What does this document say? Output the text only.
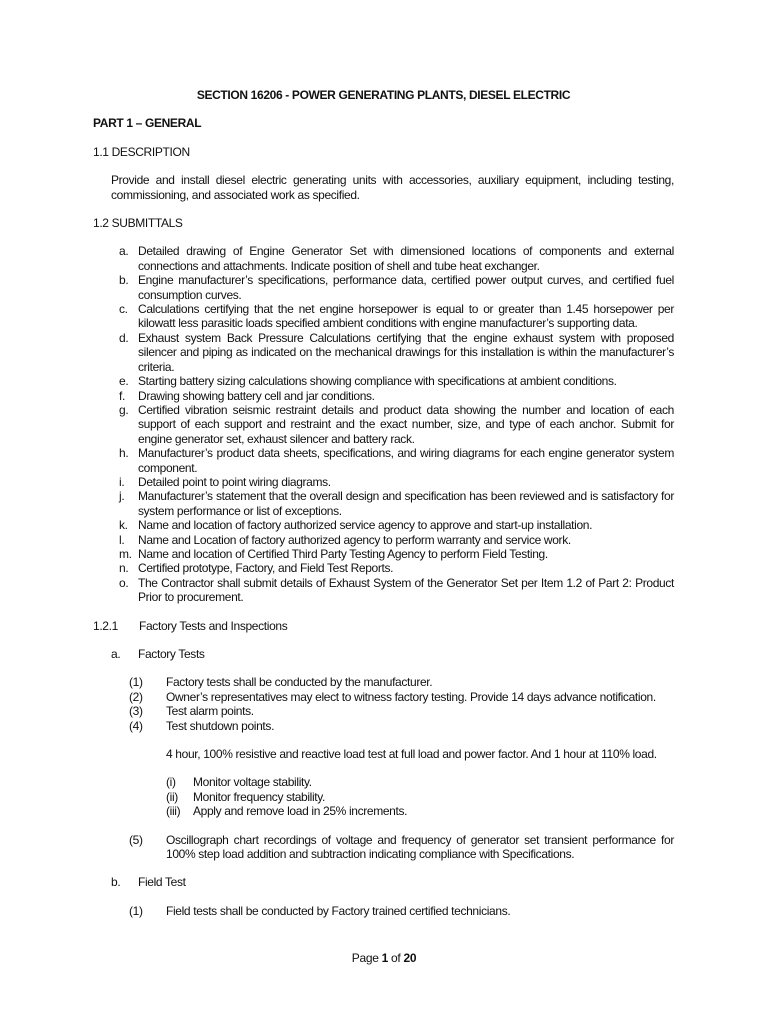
SECTION 16206 - POWER GENERATING PLANTS, DIESEL ELECTRIC
PART 1 – GENERAL
1.1 DESCRIPTION
Provide and install diesel electric generating units with accessories, auxiliary equipment, including testing, commissioning, and associated work as specified.
1.2 SUBMITTALS
a. Detailed drawing of Engine Generator Set with dimensioned locations of components and external connections and attachments. Indicate position of shell and tube heat exchanger.
b. Engine manufacturer’s specifications, performance data, certified power output curves, and certified fuel consumption curves.
c. Calculations certifying that the net engine horsepower is equal to or greater than 1.45 horsepower per kilowatt less parasitic loads specified ambient conditions with engine manufacturer’s supporting data.
d. Exhaust system Back Pressure Calculations certifying that the engine exhaust system with proposed silencer and piping as indicated on the mechanical drawings for this installation is within the manufacturer’s criteria.
e. Starting battery sizing calculations showing compliance with specifications at ambient conditions.
f. Drawing showing battery cell and jar conditions.
g. Certified vibration seismic restraint details and product data showing the number and location of each support of each support and restraint and the exact number, size, and type of each anchor. Submit for engine generator set, exhaust silencer and battery rack.
h. Manufacturer’s product data sheets, specifications, and wiring diagrams for each engine generator system component.
i. Detailed point to point wiring diagrams.
j. Manufacturer’s statement that the overall design and specification has been reviewed and is satisfactory for system performance or list of exceptions.
k. Name and location of factory authorized service agency to approve and start-up installation.
l. Name and Location of factory authorized agency to perform warranty and service work.
m. Name and location of Certified Third Party Testing Agency to perform Field Testing.
n. Certified prototype, Factory, and Field Test Reports.
o. The Contractor shall submit details of Exhaust System of the Generator Set per Item 1.2 of Part 2: Product Prior to procurement.
1.2.1 Factory Tests and Inspections
a. Factory Tests
(1) Factory tests shall be conducted by the manufacturer.
(2) Owner’s representatives may elect to witness factory testing. Provide 14 days advance notification.
(3) Test alarm points.
(4) Test shutdown points.
4 hour, 100% resistive and reactive load test at full load and power factor. And 1 hour at 110% load.
(i) Monitor voltage stability.
(ii) Monitor frequency stability.
(iii) Apply and remove load in 25% increments.
(5) Oscillograph chart recordings of voltage and frequency of generator set transient performance for 100% step load addition and subtraction indicating compliance with Specifications.
b. Field Test
(1) Field tests shall be conducted by Factory trained certified technicians.
Page 1 of 20
